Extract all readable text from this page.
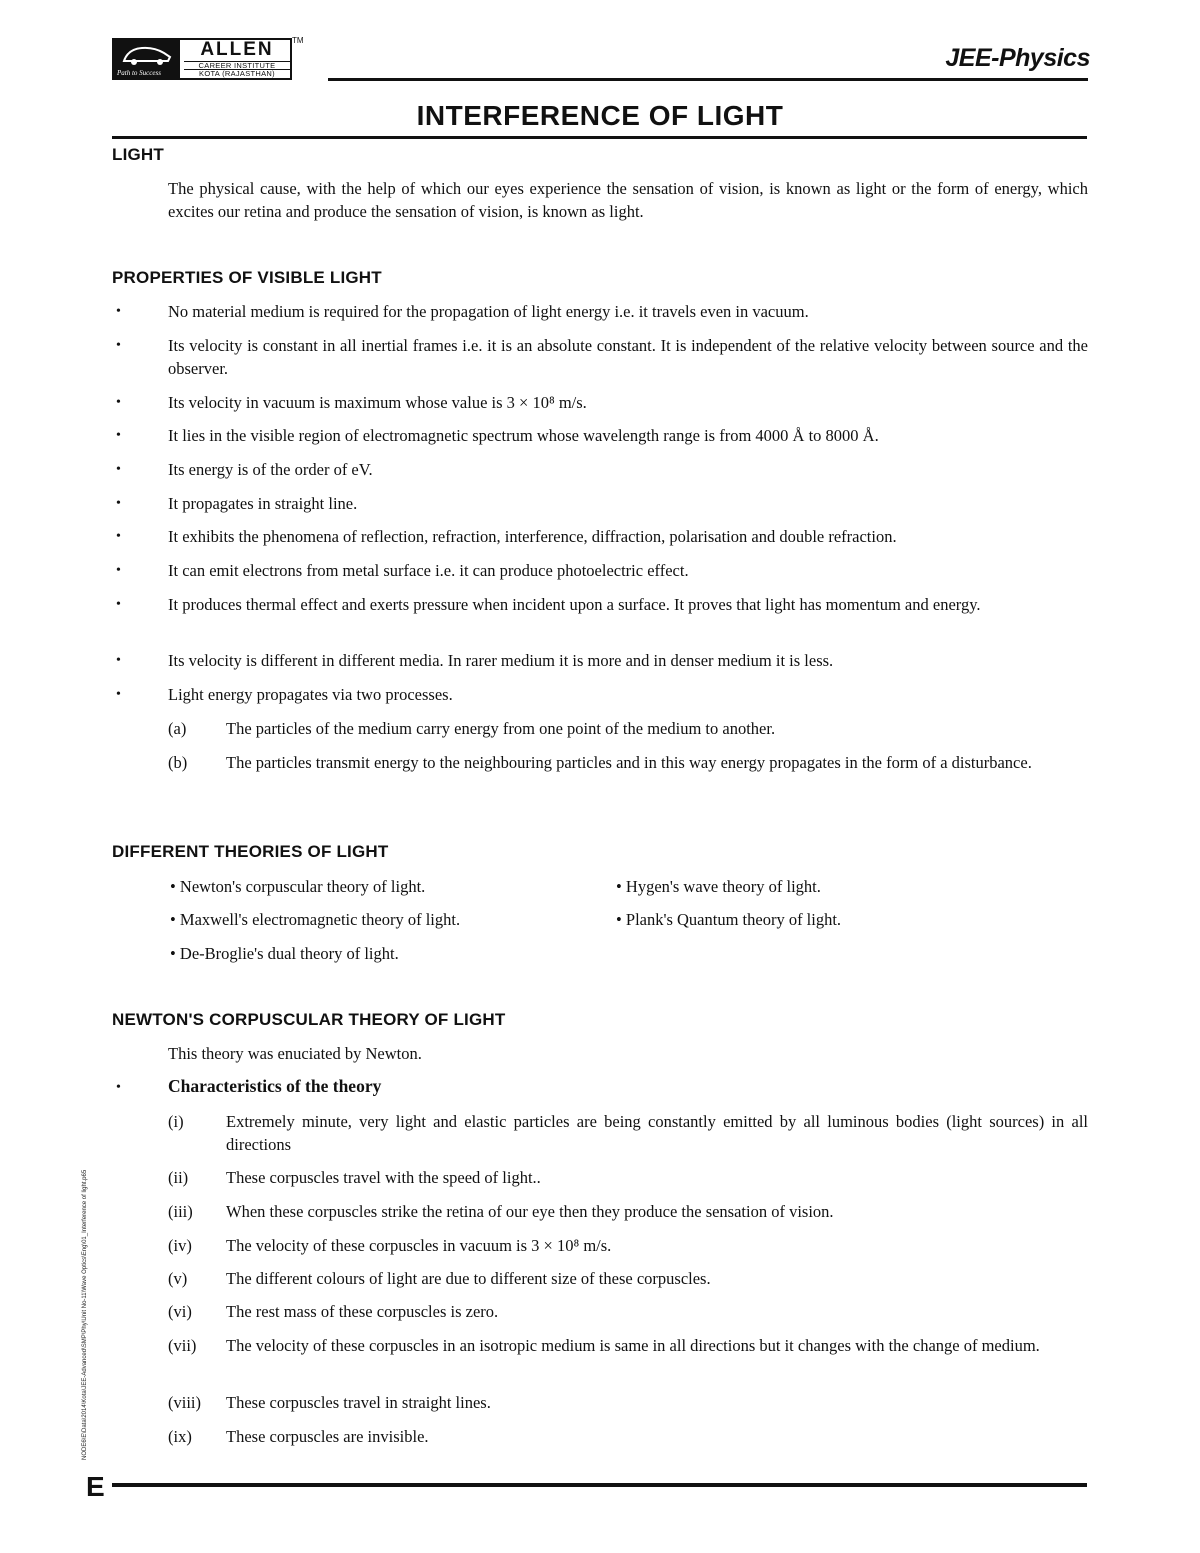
Path to Success
ALLEN
CAREER INSTITUTE
KOTA (RAJASTHAN)
TM
JEE-Physics
INTERFERENCE OF LIGHT
LIGHT
The physical cause, with the help of which our eyes experience the sensation of vision, is known as light or the form of energy, which excites our retina and produce the sensation of vision, is known as light.
PROPERTIES OF VISIBLE LIGHT
•	No material medium is required for the propagation of light energy i.e. it travels even in vacuum.
•	Its velocity is constant in all inertial frames i.e. it is an absolute constant. It is independent of the relative velocity between source and the observer.
•	Its velocity in vacuum is maximum whose value is 3 × 10⁸ m/s.
•	It lies in the visible region of electromagnetic spectrum whose wavelength range is from 4000 Å to 8000 Å.
•	Its energy is of the order of eV.
•	It propagates in straight line.
•	It exhibits the phenomena of reflection, refraction, interference, diffraction, polarisation and double refraction.
•	It can emit electrons from metal surface i.e. it can produce photoelectric effect.
•	It produces thermal effect and exerts pressure when incident upon a surface. It proves that light has momentum and energy.
•	Its velocity is different in different media. In rarer medium it is more and in denser medium it is less.
•	Light energy propagates via two processes.
(a) The particles of the medium carry energy from one point of the medium to another.
(b) The particles transmit energy to the neighbouring particles and in this way energy propagates in the form of a disturbance.
DIFFERENT THEORIES OF LIGHT
• Newton's corpuscular theory of light.	• Hygen's wave theory of light.
• Maxwell's electromagnetic theory of light.	• Plank's Quantum theory of light.
• De-Broglie's dual theory of light.
NEWTON'S CORPUSCULAR THEORY OF LIGHT
This theory was enuciated by Newton.
•	Characteristics of the theory
(i)	Extremely minute, very light and elastic particles are being constantly emitted by all luminous bodies (light sources) in all directions
(ii) These corpuscles travel with the speed of light..
(iii) When these corpuscles strike the retina of our eye then they produce the sensation of vision.
(iv) The velocity of these corpuscles in vacuum is 3 × 10⁸ m/s.
(v) The different colours of light are due to different size of these corpuscles.
(vi) The rest mass of these corpuscles is zero.
(vii) The velocity of these corpuscles in an isotropic medium is same in all directions but it changes with the change of medium.
(viii) These corpuscles travel in straight lines.
(ix) These corpuscles are invisible.
NODE6\E\Data\2014\Kota\JEE-Advanced\SMP\Phy\Unit No-11\Wave Optics\Eng\01_Interference of light.p65
E
